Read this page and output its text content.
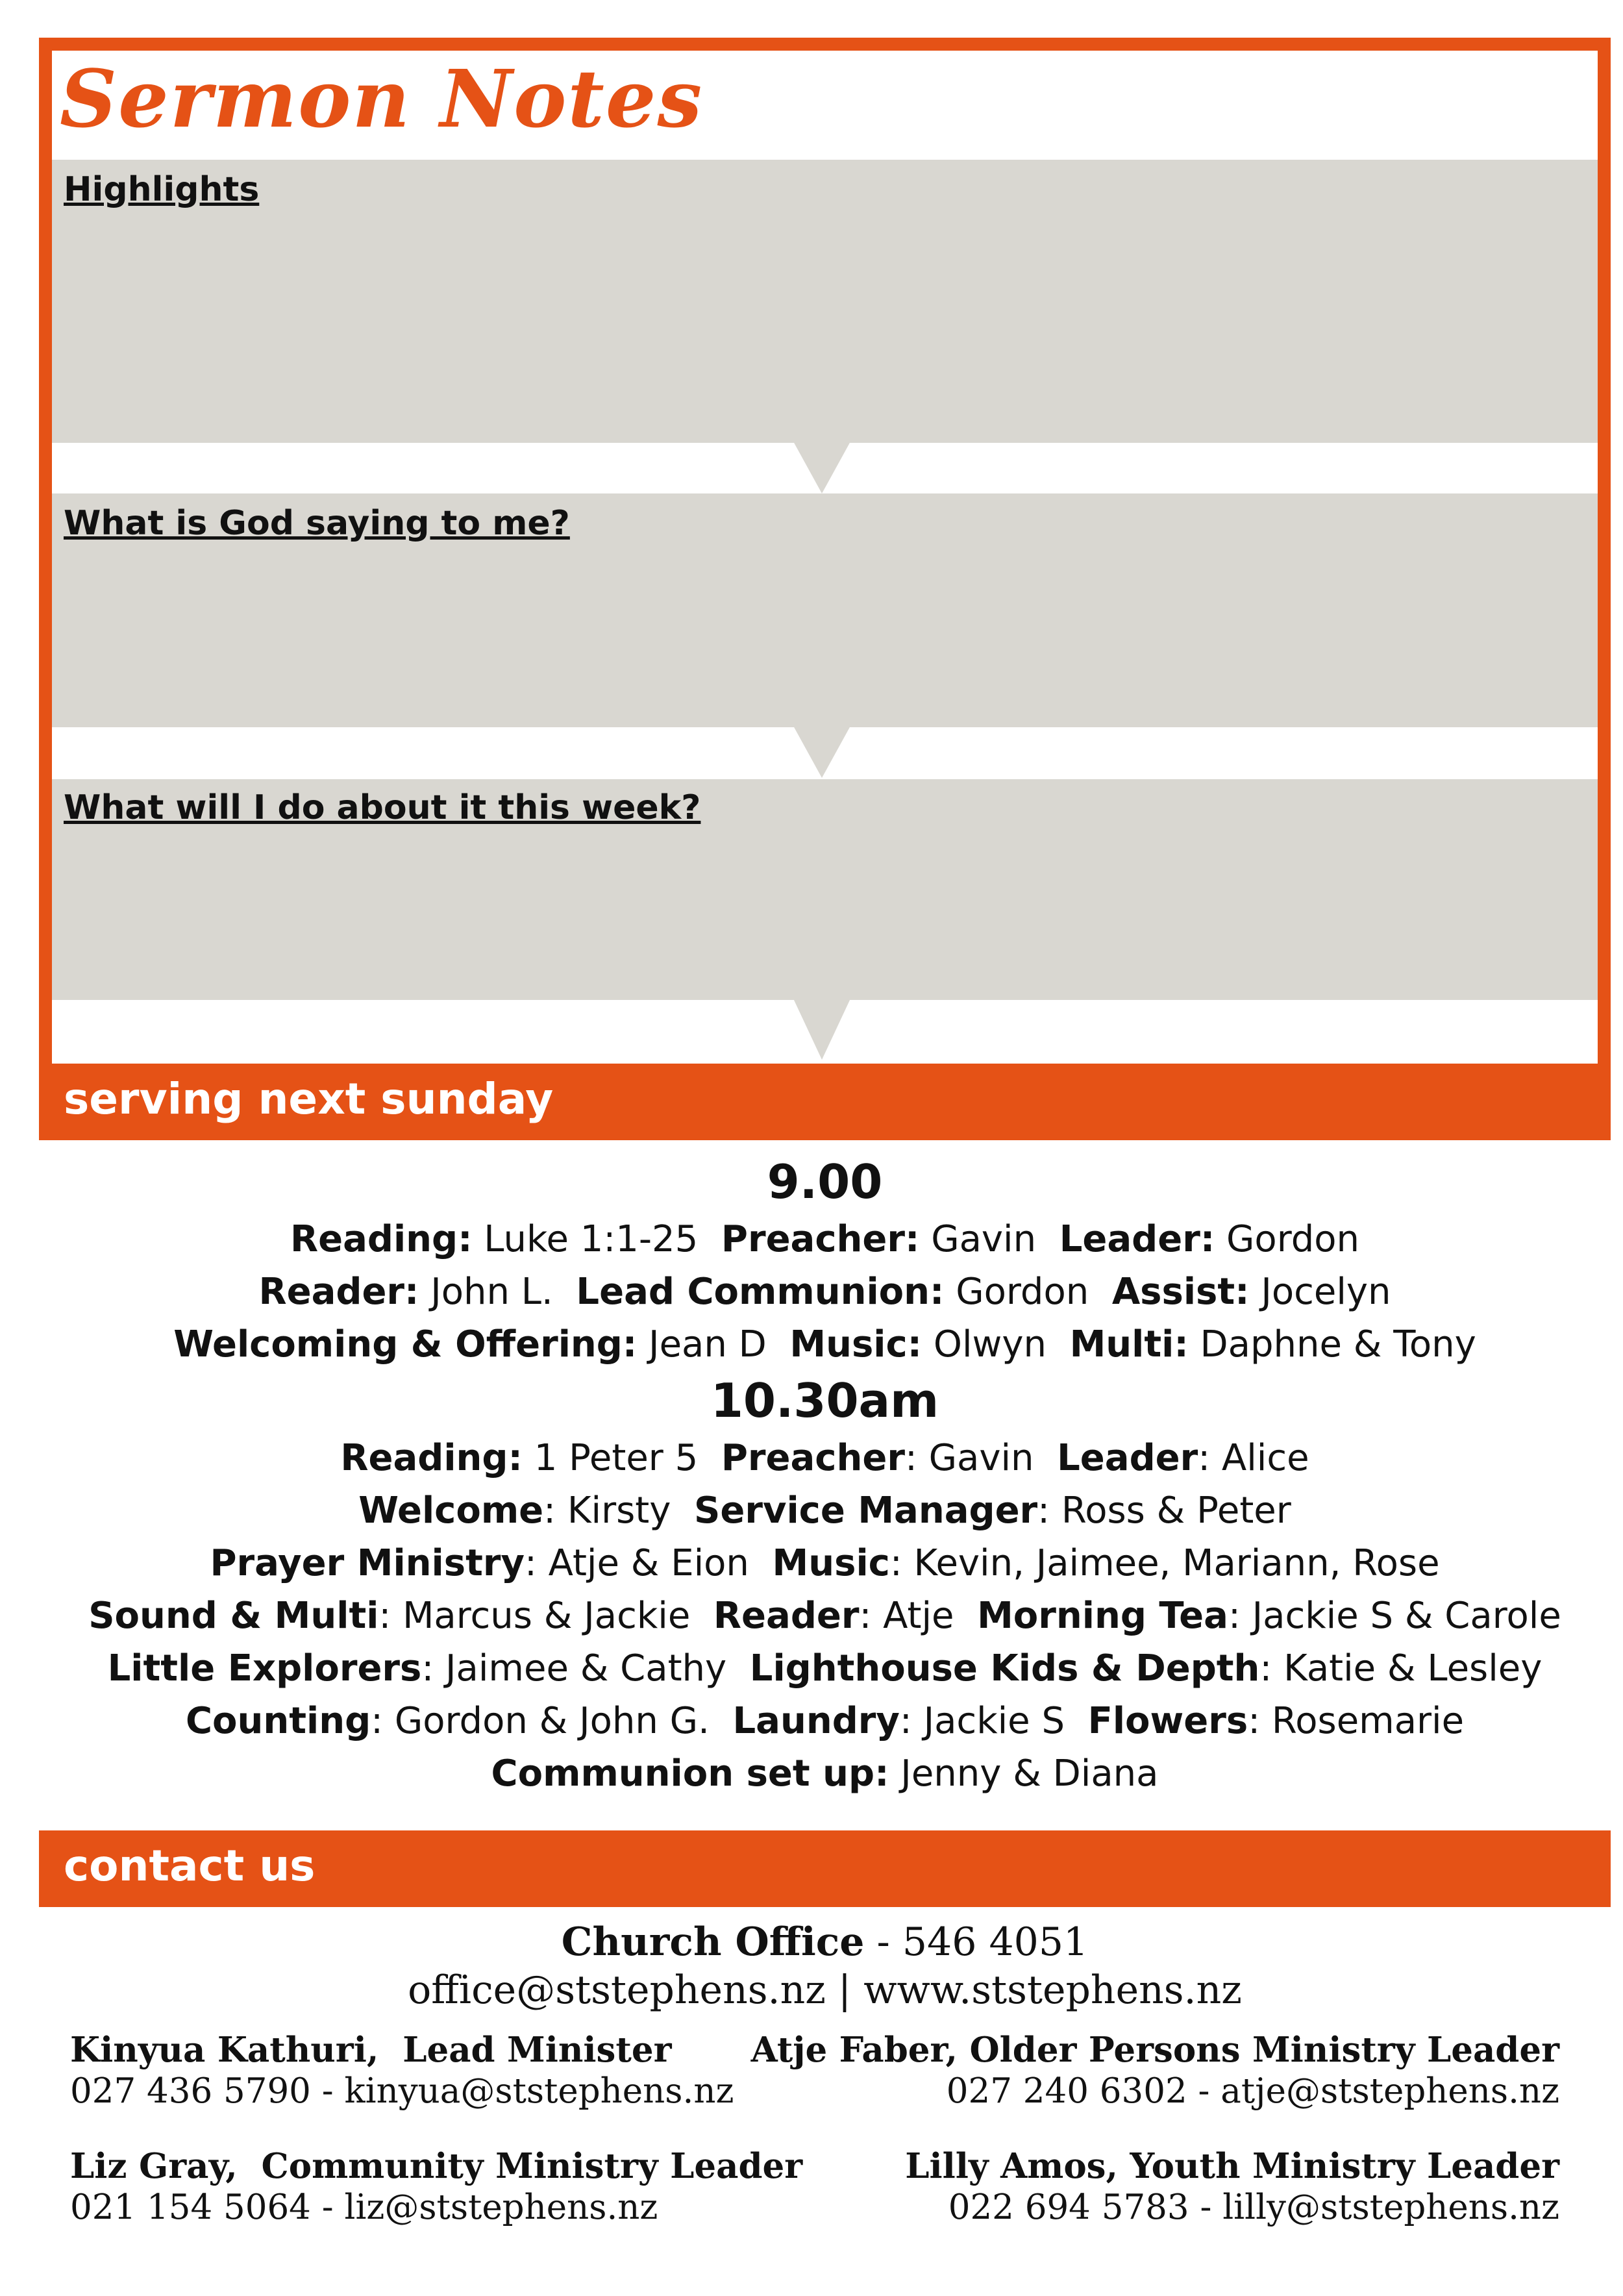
Sermon Notes
Highlights
What is God saying to me?
What will I do about it this week?
serving next sunday
9.00
Reading: Luke 1:1-25 Preacher: Gavin Leader: Gordon
Reader: John L. Lead Communion: Gordon Assist: Jocelyn
Welcoming & Offering: Jean D Music: Olwyn Multi: Daphne & Tony
10.30am
Reading: 1 Peter 5 Preacher: Gavin Leader: Alice
Welcome: Kirsty Service Manager: Ross & Peter
Prayer Ministry: Atje & Eion Music: Kevin, Jaimee, Mariann, Rose
Sound & Multi: Marcus & Jackie Reader: Atje Morning Tea: Jackie S & Carole
Little Explorers: Jaimee & Cathy Lighthouse Kids & Depth: Katie & Lesley
Counting: Gordon & John G. Laundry: Jackie S Flowers: Rosemarie
Communion set up: Jenny & Diana
contact us
Church Office - 546 4051
office@ststephens.nz | www.ststephens.nz
Kinyua Kathuri,  Lead Minister
027 436 5790 - kinyua@ststephens.nz
Atje Faber, Older Persons Ministry Leader
027 240 6302 - atje@ststephens.nz
Liz Gray,  Community Ministry Leader
021 154 5064 - liz@ststephens.nz
Lilly Amos, Youth Ministry Leader
022 694 5783 - lilly@ststephens.nz
